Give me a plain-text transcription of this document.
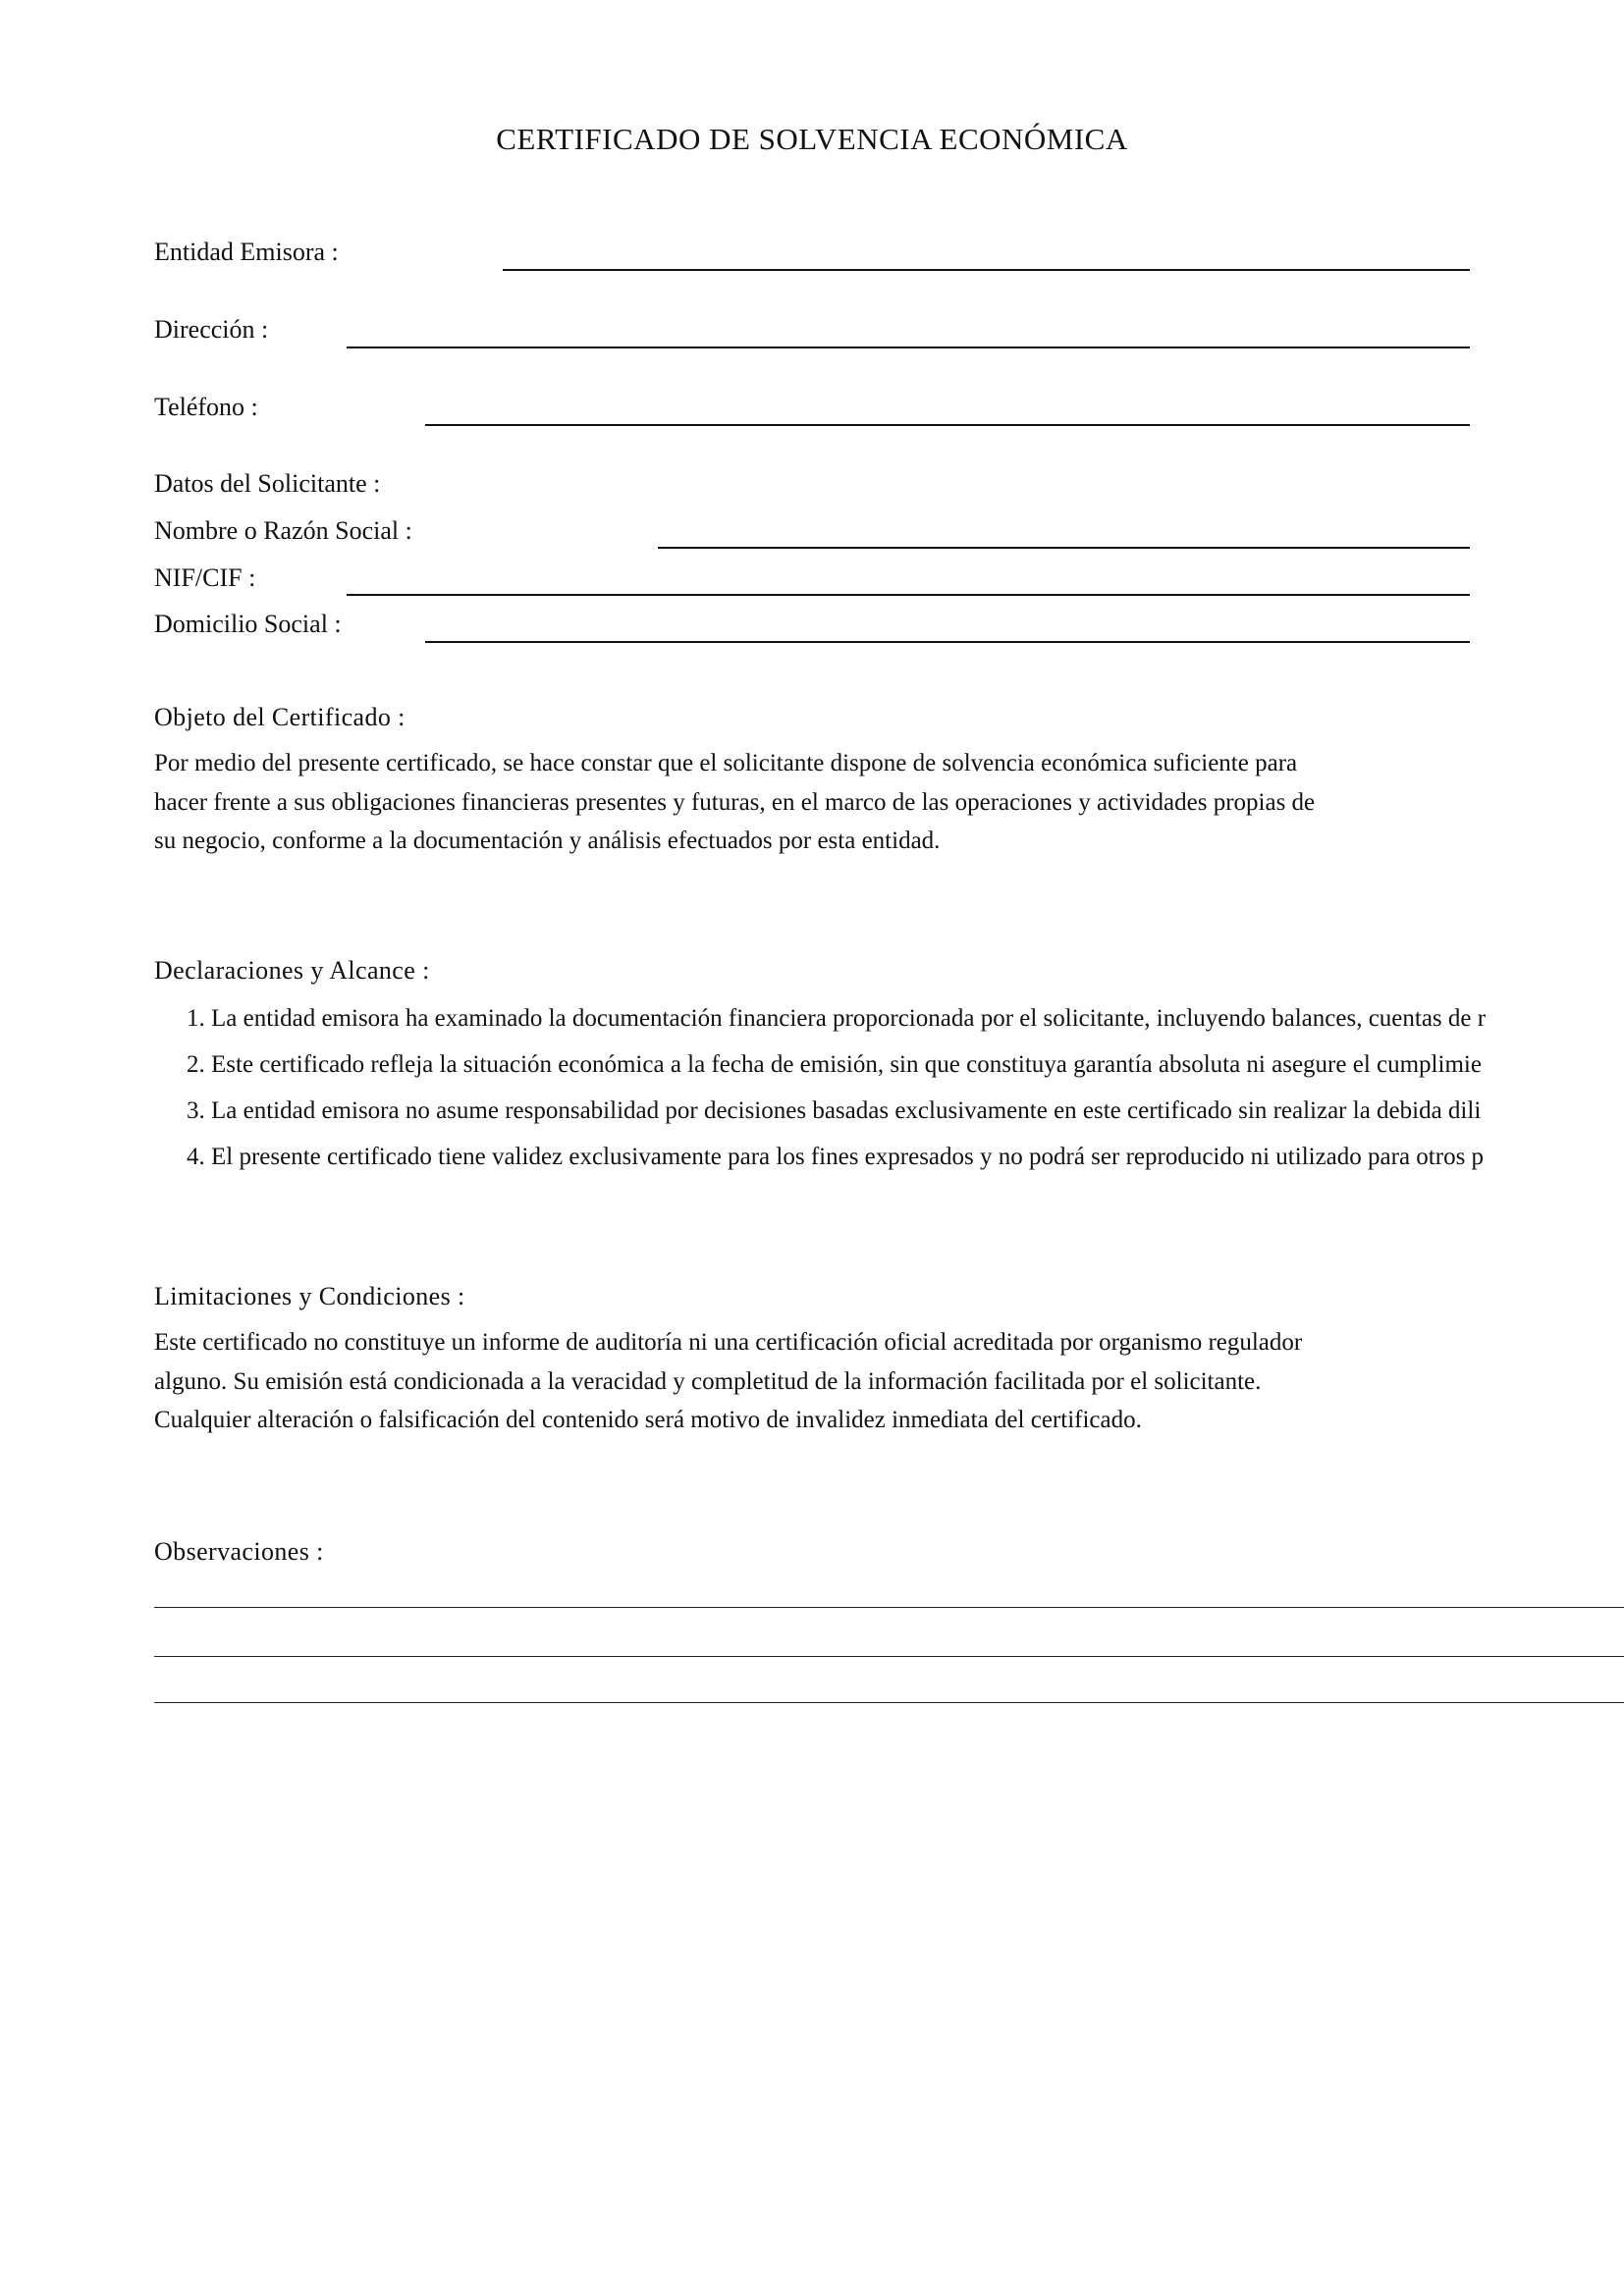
CERTIFICADO DE SOLVENCIA ECONÓMICA
Entidad Emisora :
Dirección :
Teléfono :
Datos del Solicitante :
Nombre o Razón Social :
NIF/CIF :
Domicilio Social :
Objeto del Certificado :
Por medio del presente certificado, se hace constar que el solicitante dispone de solvencia económica suficiente para
hacer frente a sus obligaciones financieras presentes y futuras, en el marco de las operaciones y actividades propias de
su negocio, conforme a la documentación y análisis efectuados por esta entidad.
Declaraciones y Alcance :
1. La entidad emisora ha examinado la documentación financiera proporcionada por el solicitante, incluyendo balances, cuentas de r
2. Este certificado refleja la situación económica a la fecha de emisión, sin que constituya garantía absoluta ni asegure el cumplimie
3. La entidad emisora no asume responsabilidad por decisiones basadas exclusivamente en este certificado sin realizar la debida dili
4. El presente certificado tiene validez exclusivamente para los fines expresados y no podrá ser reproducido ni utilizado para otros p
Limitaciones y Condiciones :
Este certificado no constituye un informe de auditoría ni una certificación oficial acreditada por organismo regulador
alguno. Su emisión está condicionada a la veracidad y completitud de la información facilitada por el solicitante.
Cualquier alteración o falsificación del contenido será motivo de invalidez inmediata del certificado.
Observaciones :
